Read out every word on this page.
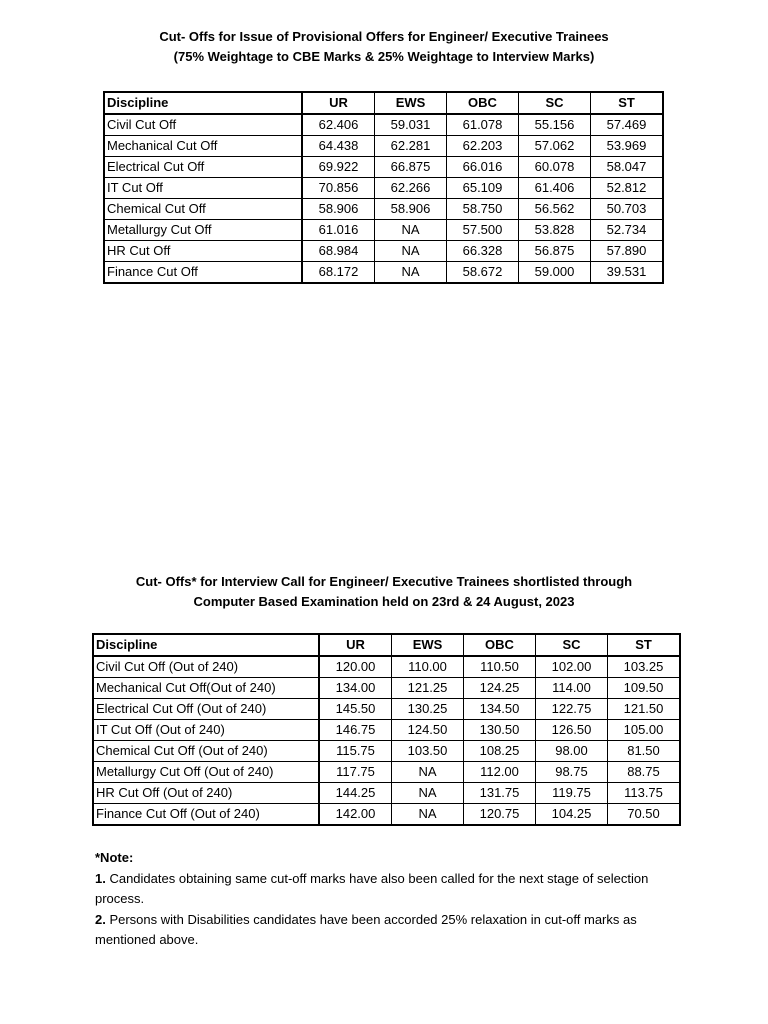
Cut- Offs for Issue of Provisional Offers for Engineer/ Executive Trainees
(75% Weightage to CBE Marks & 25% Weightage to Interview Marks)
Discipline	UR	EWS	OBC	SC	ST
Civil Cut Off	62.406	59.031	61.078	55.156	57.469
Mechanical Cut Off	64.438	62.281	62.203	57.062	53.969
Electrical Cut Off	69.922	66.875	66.016	60.078	58.047
IT Cut Off	70.856	62.266	65.109	61.406	52.812
Chemical Cut Off	58.906	58.906	58.750	56.562	50.703
Metallurgy Cut Off	61.016	NA	57.500	53.828	52.734
HR Cut Off	68.984	NA	66.328	56.875	57.890
Finance Cut Off	68.172	NA	58.672	59.000	39.531
Cut- Offs* for Interview Call for Engineer/ Executive Trainees shortlisted through
Computer Based Examination held on 23rd & 24 August, 2023
Discipline	UR	EWS	OBC	SC	ST
Civil Cut Off (Out of 240)	120.00	110.00	110.50	102.00	103.25
Mechanical Cut Off(Out of 240)	134.00	121.25	124.25	114.00	109.50
Electrical Cut Off (Out of 240)	145.50	130.25	134.50	122.75	121.50
IT Cut Off (Out of 240)	146.75	124.50	130.50	126.50	105.00
Chemical Cut Off (Out of 240)	115.75	103.50	108.25	98.00	81.50
Metallurgy Cut Off (Out of 240)	117.75	NA	112.00	98.75	88.75
HR Cut Off (Out of 240)	144.25	NA	131.75	119.75	113.75
Finance Cut Off (Out of 240)	142.00	NA	120.75	104.25	70.50
*Note:
1. Candidates obtaining same cut-off marks have also been called for the next stage of selection process.
2. Persons with Disabilities candidates have been accorded 25% relaxation in cut-off marks as mentioned above.
